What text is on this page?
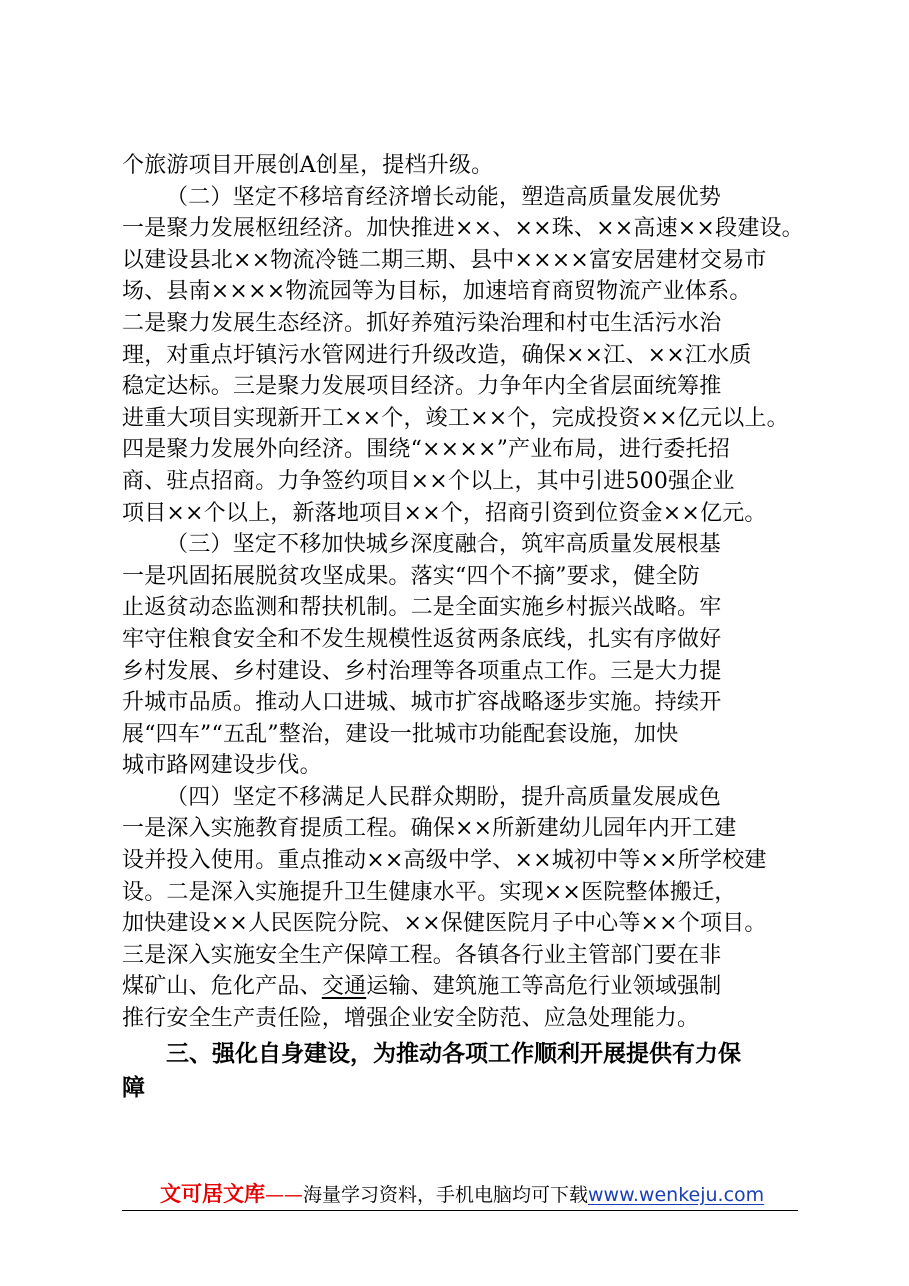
个旅游项目开展创A创星，提档升级。
（二）坚定不移培育经济增长动能，塑造高质量发展优势
一是聚力发展枢纽经济。加快推进××、××珠、××高速××段建设。
以建设县北××物流冷链二期三期、县中××××富安居建材交易市
场、县南××××物流园等为目标，加速培育商贸物流产业体系。
二是聚力发展生态经济。抓好养殖污染治理和村屯生活污水治
理，对重点圩镇污水管网进行升级改造，确保××江、××江水质
稳定达标。三是聚力发展项目经济。力争年内全省层面统筹推
进重大项目实现新开工××个，竣工××个，完成投资××亿元以上。
四是聚力发展外向经济。围绕“××××”产业布局，进行委托招
商、驻点招商。力争签约项目××个以上，其中引进500强企业
项目××个以上，新落地项目××个，招商引资到位资金××亿元。
（三）坚定不移加快城乡深度融合，筑牢高质量发展根基
一是巩固拓展脱贫攻坚成果。落实“四个不摘”要求，健全防
止返贫动态监测和帮扶机制。二是全面实施乡村振兴战略。牢
牢守住粮食安全和不发生规模性返贫两条底线，扎实有序做好
乡村发展、乡村建设、乡村治理等各项重点工作。三是大力提
升城市品质。推动人口进城、城市扩容战略逐步实施。持续开
展“四车”“五乱”整治，建设一批城市功能配套设施，加快
城市路网建设步伐。
（四）坚定不移满足人民群众期盼，提升高质量发展成色
一是深入实施教育提质工程。确保××所新建幼儿园年内开工建
设并投入使用。重点推动××高级中学、××城初中等××所学校建
设。二是深入实施提升卫生健康水平。实现××医院整体搬迁，
加快建设××人民医院分院、××保健医院月子中心等××个项目。
三是深入实施安全生产保障工程。各镇各行业主管部门要在非
煤矿山、危化产品、交通运输、建筑施工等高危行业领域强制
推行安全生产责任险，增强企业安全防范、应急处理能力。
三、强化自身建设，为推动各项工作顺利开展提供有力保
障
文可居文库——海量学习资料，手机电脑均可下载www.wenkeju.com
